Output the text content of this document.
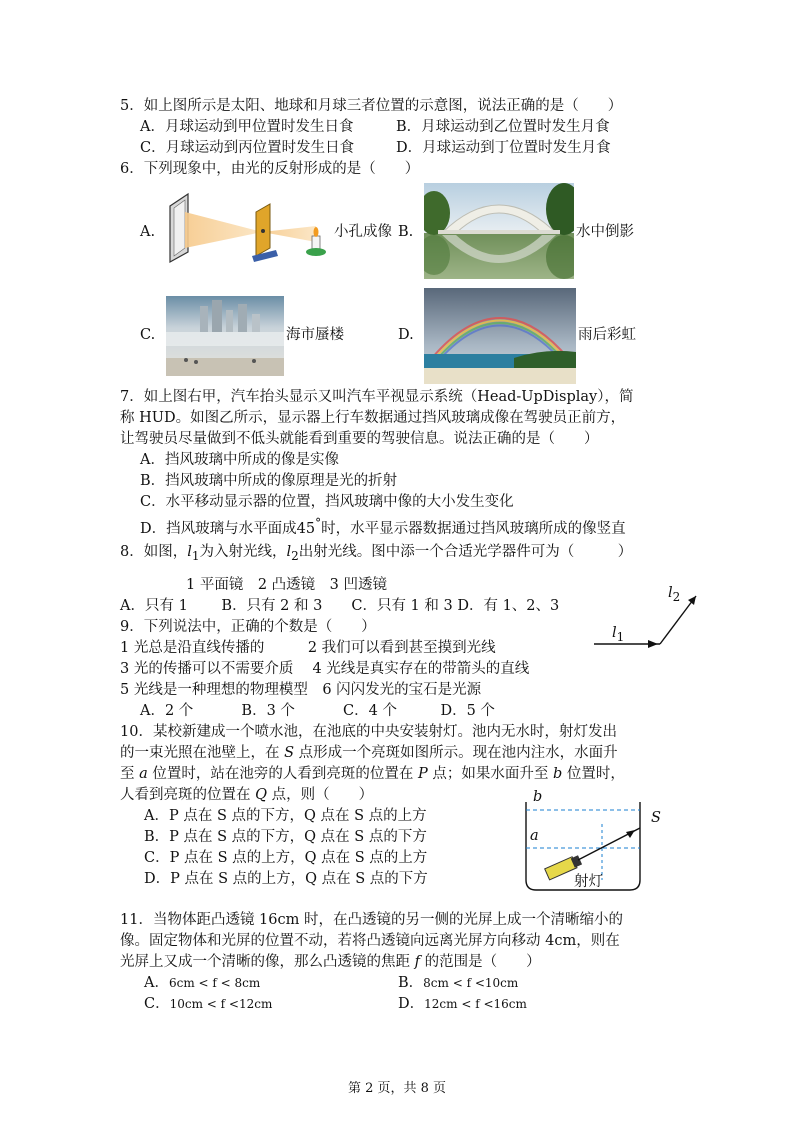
5．如上图所示是太阳、地球和月球三者位置的示意图，说法正确的是（　　）
A．月球运动到甲位置时发生日食	B．月球运动到乙位置时发生月食
C．月球运动到丙位置时发生日食	D．月球运动到丁位置时发生月食
6．下列现象中，由光的反射形成的是（　　）
A.	小孔成像 B.	水中倒影
C.	海市蜃楼	D.	雨后彩虹
7．如上图右甲，汽车抬头显示又叫汽车平视显示系统（Head-UpDisplay），简
称 HUD。如图乙所示，显示器上行车数据通过挡风玻璃成像在驾驶员正前方，
让驾驶员尽量做到不低头就能看到重要的驾驶信息。说法正确的是（　　）
A．挡风玻璃中所成的像是实像
B．挡风玻璃中所成的像原理是光的折射
C．水平移动显示器的位置，挡风玻璃中像的大小发生变化
D．挡风玻璃与水平面成45°时，水平显示器数据通过挡风玻璃所成的像竖直
8．如图，$l_1$为入射光线，$l_2$出射光线。图中添一个合适光学器件可为（　　　）
1 平面镜　2 凸透镜　3 凹透镜
A．只有 1　　 B．只有 2 和 3　　C．只有 1 和 3 D．有 1、2、3
$l_1$
$l_2$
9．下列说法中，正确的个数是（　　）
1 光总是沿直线传播的　　　2 我们可以看到甚至摸到光线
3 光的传播可以不需要介质　 4 光线是真实存在的带箭头的直线
5 光线是一种理想的物理模型　6 闪闪发光的宝石是光源
A．2 个　　　 B．3 个　　　 C．4 个　　　D．5 个
10．某校新建成一个喷水池，在池底的中央安装射灯。池内无水时，射灯发出
的一束光照在池壁上，在 S 点形成一个亮斑如图所示。现在池内注水，水面升
至 a 位置时，站在池旁的人看到亮斑的位置在 P 点；如果水面升至 b 位置时，
人看到亮斑的位置在 Q 点，则（　　）
A．P 点在 S 点的下方，Q 点在 S 点的上方
B．P 点在 S 点的下方，Q 点在 S 点的下方
C．P 点在 S 点的上方，Q 点在 S 点的上方
D．P 点在 S 点的上方，Q 点在 S 点的下方
b
a
S
射灯
11．当物体距凸透镜 16cm 时，在凸透镜的另一侧的光屏上成一个清晰缩小的
像。固定物体和光屏的位置不动，若将凸透镜向远离光屏方向移动 4cm，则在
光屏上又成一个清晰的像，那么凸透镜的焦距 f 的范围是（　　）
A．6cm < f < 8cm	B．8cm < f <10cm
C．10cm < f <12cm	D．12cm < f <16cm
第 2 页，共 8 页
